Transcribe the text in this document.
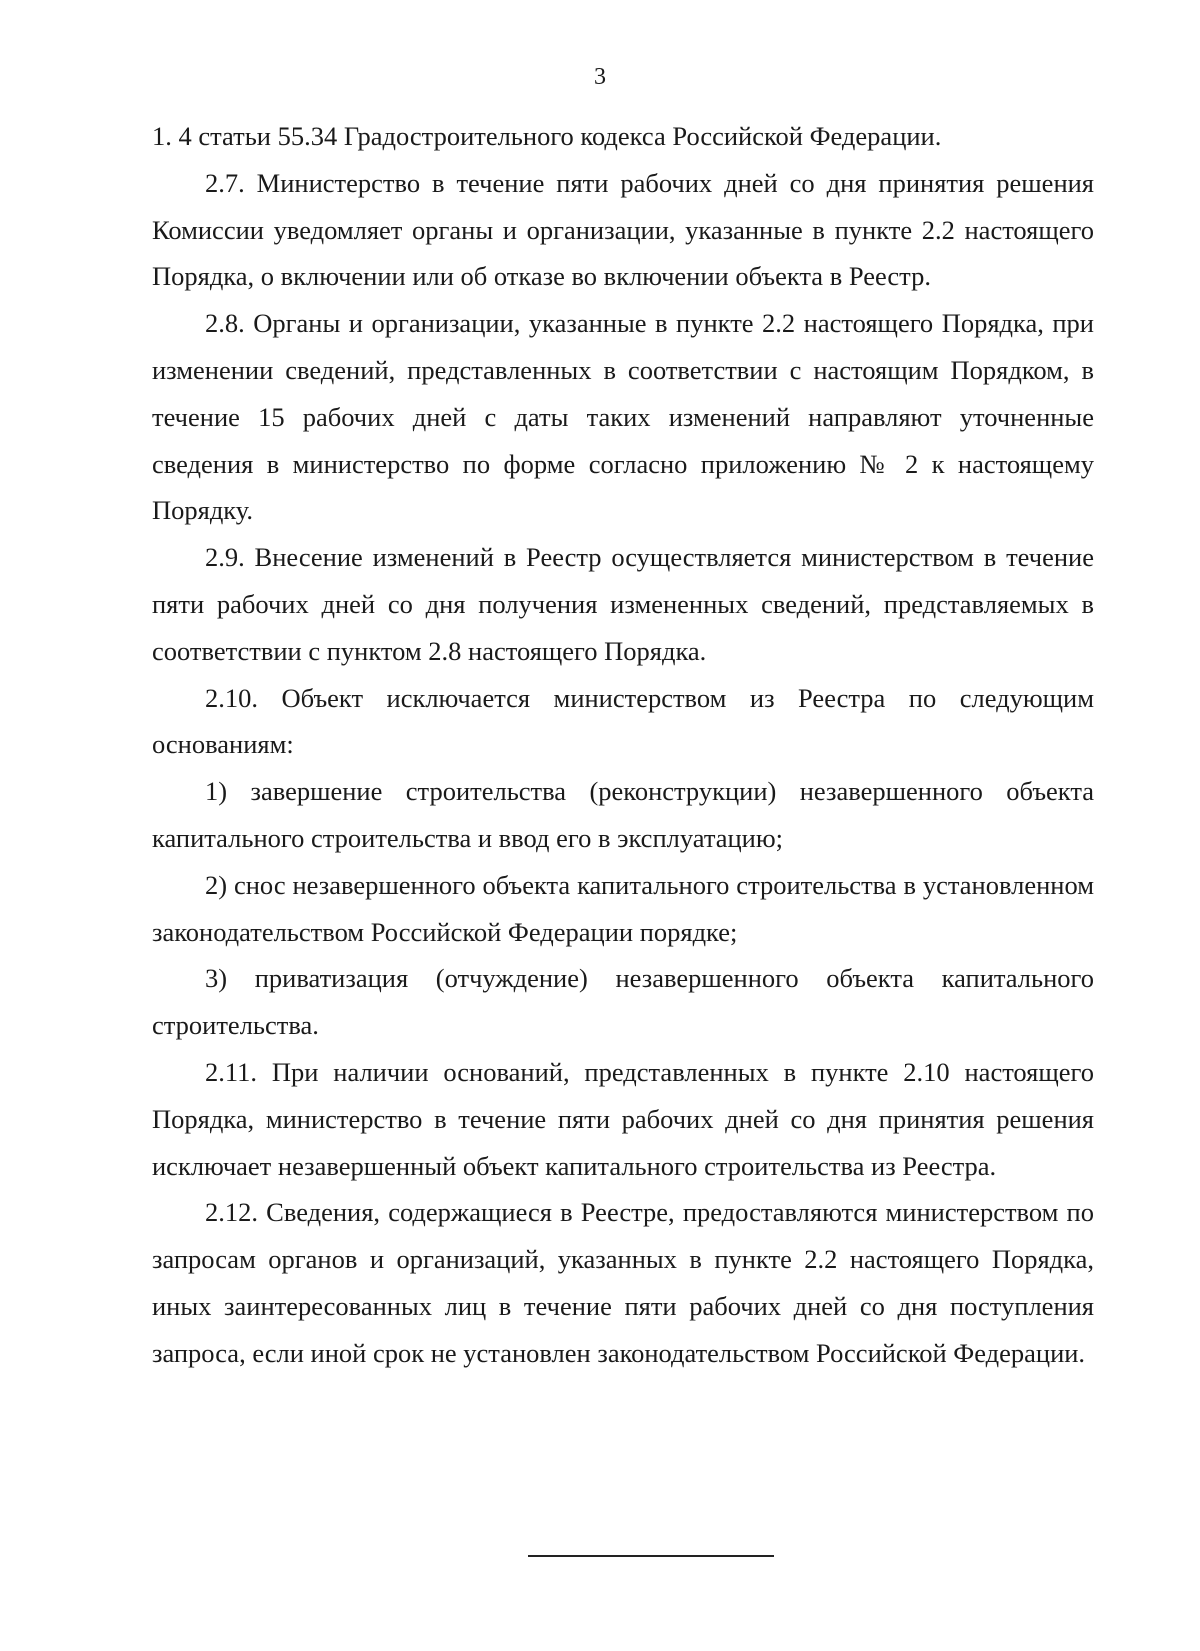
3

1. 4 статьи 55.34 Градостроительного кодекса Российской Федерации.

2.7. Министерство в течение пяти рабочих дней со дня принятия решения Комиссии уведомляет органы и организации, указанные в пункте 2.2 настоящего Порядка, о включении или об отказе во включении объекта в Реестр.

2.8. Органы и организации, указанные в пункте 2.2 настоящего Порядка, при изменении сведений, представленных в соответствии с настоящим Порядком, в течение 15 рабочих дней с даты таких изменений направляют уточненные сведения в министерство по форме согласно приложению № 2 к настоящему Порядку.

2.9. Внесение изменений в Реестр осуществляется министерством в течение пяти рабочих дней со дня получения измененных сведений, представляемых в соответствии с пунктом 2.8 настоящего Порядка.

2.10. Объект исключается министерством из Реестра по следующим основаниям:

1) завершение строительства (реконструкции) незавершенного объекта капитального строительства и ввод его в эксплуатацию;

2) снос незавершенного объекта капитального строительства в установленном законодательством Российской Федерации порядке;

3) приватизация (отчуждение) незавершенного объекта капитального строительства.

2.11. При наличии оснований, представленных в пункте 2.10 настоящего Порядка, министерство в течение пяти рабочих дней со дня принятия решения исключает незавершенный объект капитального строительства из Реестра.

2.12. Сведения, содержащиеся в Реестре, предоставляются министерством по запросам органов и организаций, указанных в пункте 2.2 настоящего Порядка, иных заинтересованных лиц в течение пяти рабочих дней со дня поступления запроса, если иной срок не установлен законодательством Российской Федерации.
